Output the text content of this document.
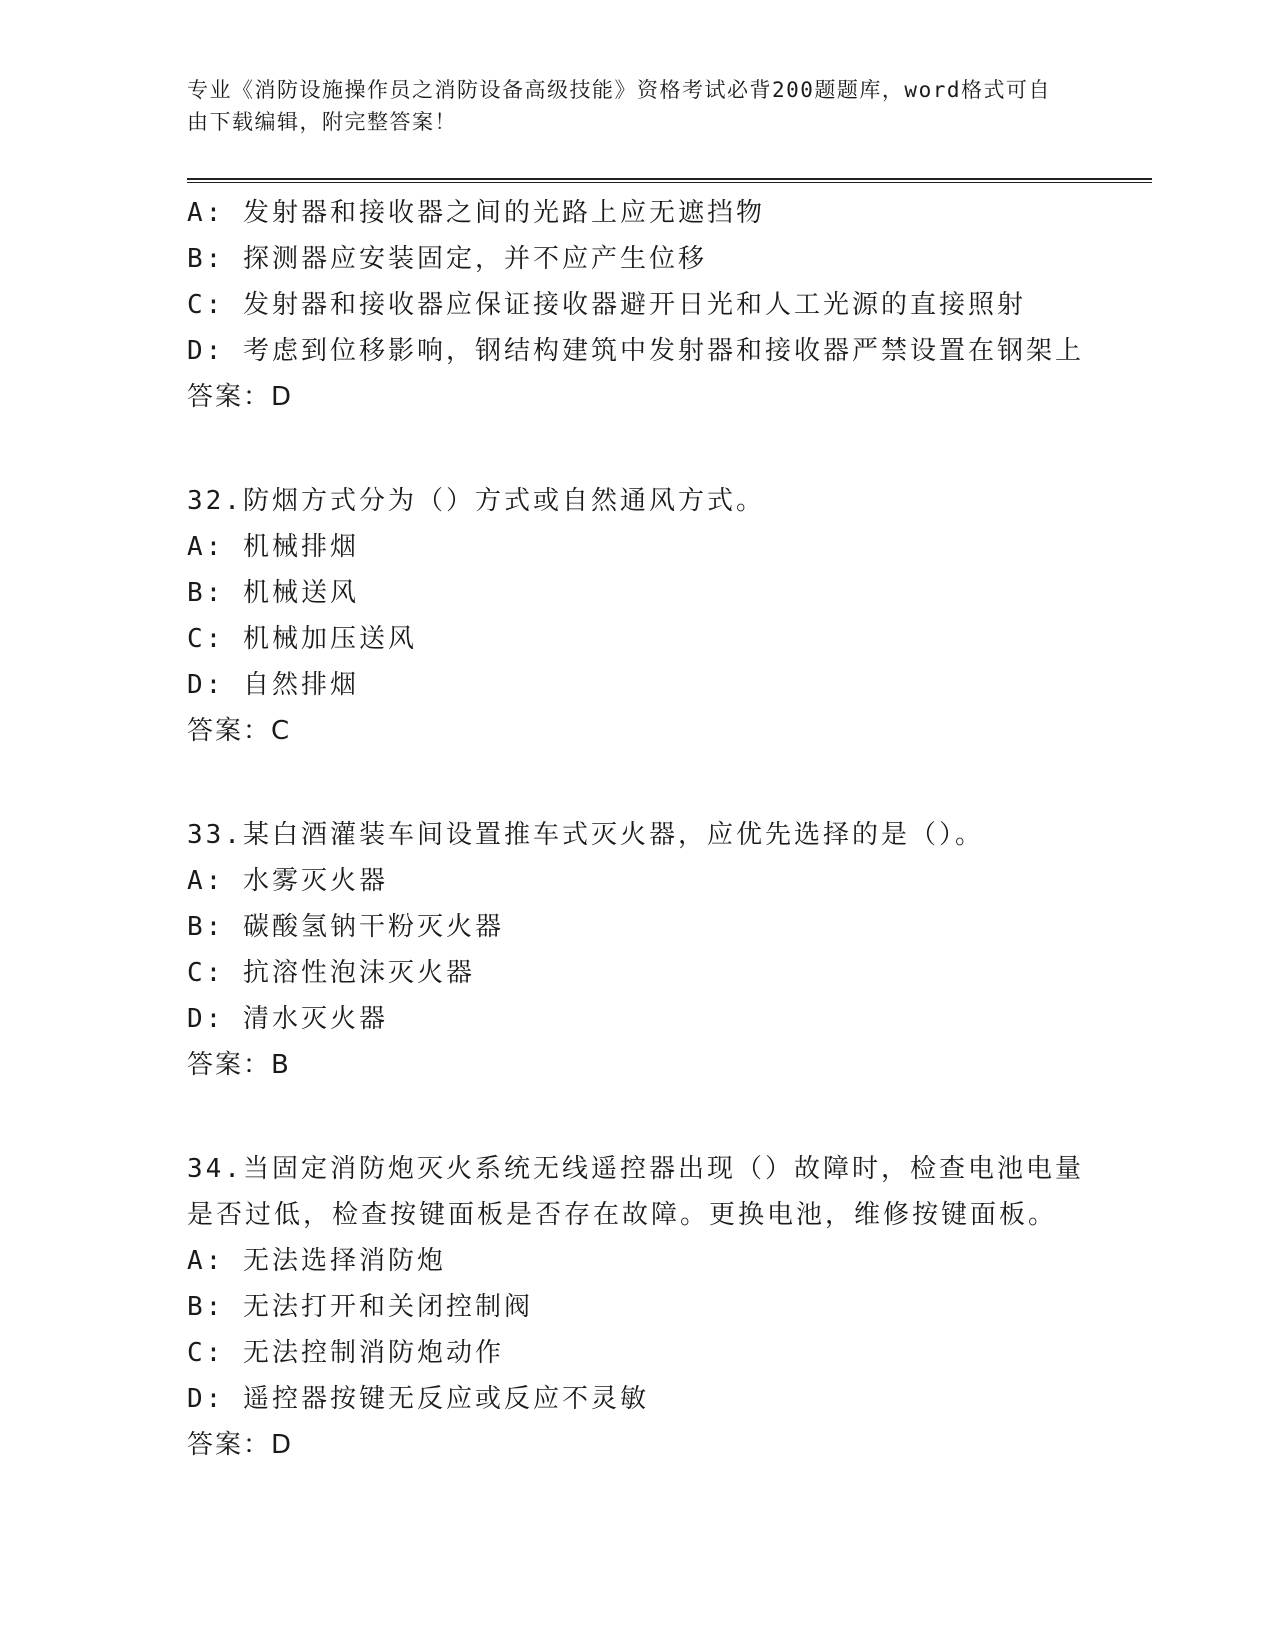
专业《消防设施操作员之消防设备高级技能》资格考试必背200题题库，word格式可自由下载编辑，附完整答案！
A: 发射器和接收器之间的光路上应无遮挡物
B: 探测器应安装固定，并不应产生位移
C: 发射器和接收器应保证接收器避开日光和人工光源的直接照射
D: 考虑到位移影响，钢结构建筑中发射器和接收器严禁设置在钢架上
答案：D
32.防烟方式分为（）方式或自然通风方式。
A: 机械排烟
B: 机械送风
C: 机械加压送风
D: 自然排烟
答案：C
33.某白酒灌装车间设置推车式灭火器，应优先选择的是（）。
A: 水雾灭火器
B: 碳酸氢钠干粉灭火器
C: 抗溶性泡沫灭火器
D: 清水灭火器
答案：B
34.当固定消防炮灭火系统无线遥控器出现（）故障时，检查电池电量是否过低，检查按键面板是否存在故障。更换电池，维修按键面板。
A: 无法选择消防炮
B: 无法打开和关闭控制阀
C: 无法控制消防炮动作
D: 遥控器按键无反应或反应不灵敏
答案：D
